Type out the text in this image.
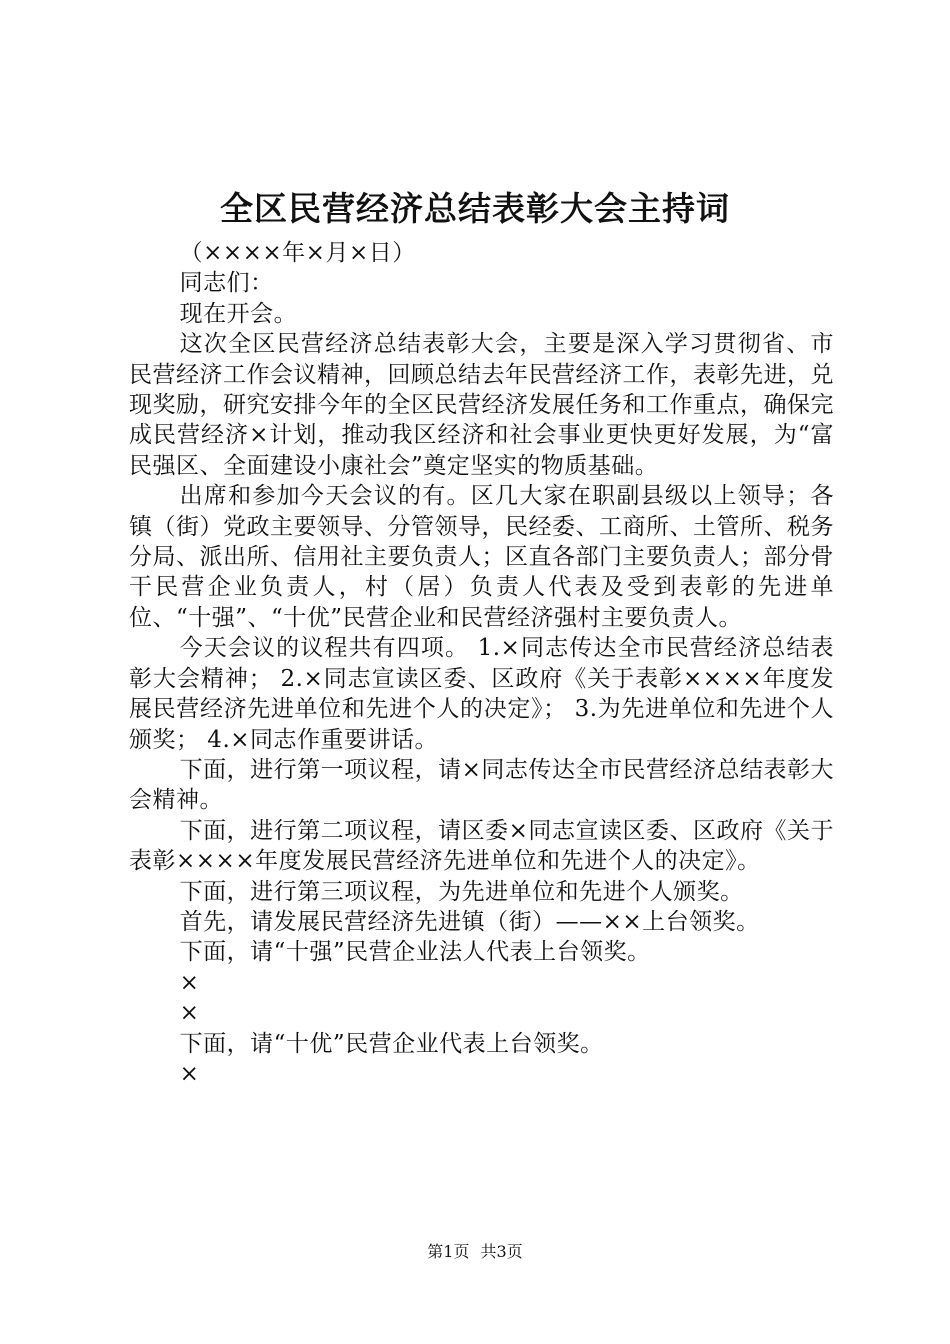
全区民营经济总结表彰大会主持词

（××××年×月×日）

同志们：

现在开会。

这次全区民营经济总结表彰大会，主要是深入学习贯彻省、市民营经济工作会议精神，回顾总结去年民营经济工作，表彰先进，兑现奖励，研究安排今年的全区民营经济发展任务和工作重点，确保完成民营经济×计划，推动我区经济和社会事业更快更好发展，为“富民强区、全面建设小康社会”奠定坚实的物质基础。

出席和参加今天会议的有。区几大家在职副县级以上领导；各镇（街）党政主要领导、分管领导，民经委、工商所、土管所、税务分局、派出所、信用社主要负责人；区直各部门主要负责人；部分骨干民营企业负责人，村（居）负责人代表及受到表彰的先进单位、“十强”、“十优”民营企业和民营经济强村主要负责人。

今天会议的议程共有四项。 1.×同志传达全市民营经济总结表彰大会精神； 2.×同志宣读区委、区政府《关于表彰××××年度发展民营经济先进单位和先进个人的决定》； 3.为先进单位和先进个人颁奖； 4.×同志作重要讲话。

下面，进行第一项议程，请×同志传达全市民营经济总结表彰大会精神。

下面，进行第二项议程，请区委×同志宣读区委、区政府《关于表彰××××年度发展民营经济先进单位和先进个人的决定》。

下面，进行第三项议程，为先进单位和先进个人颁奖。

首先，请发展民营经济先进镇（街）——××上台领奖。

下面，请“十强”民营企业法人代表上台领奖。

×

×

下面，请“十优”民营企业代表上台领奖。

×

第1页 共3页
